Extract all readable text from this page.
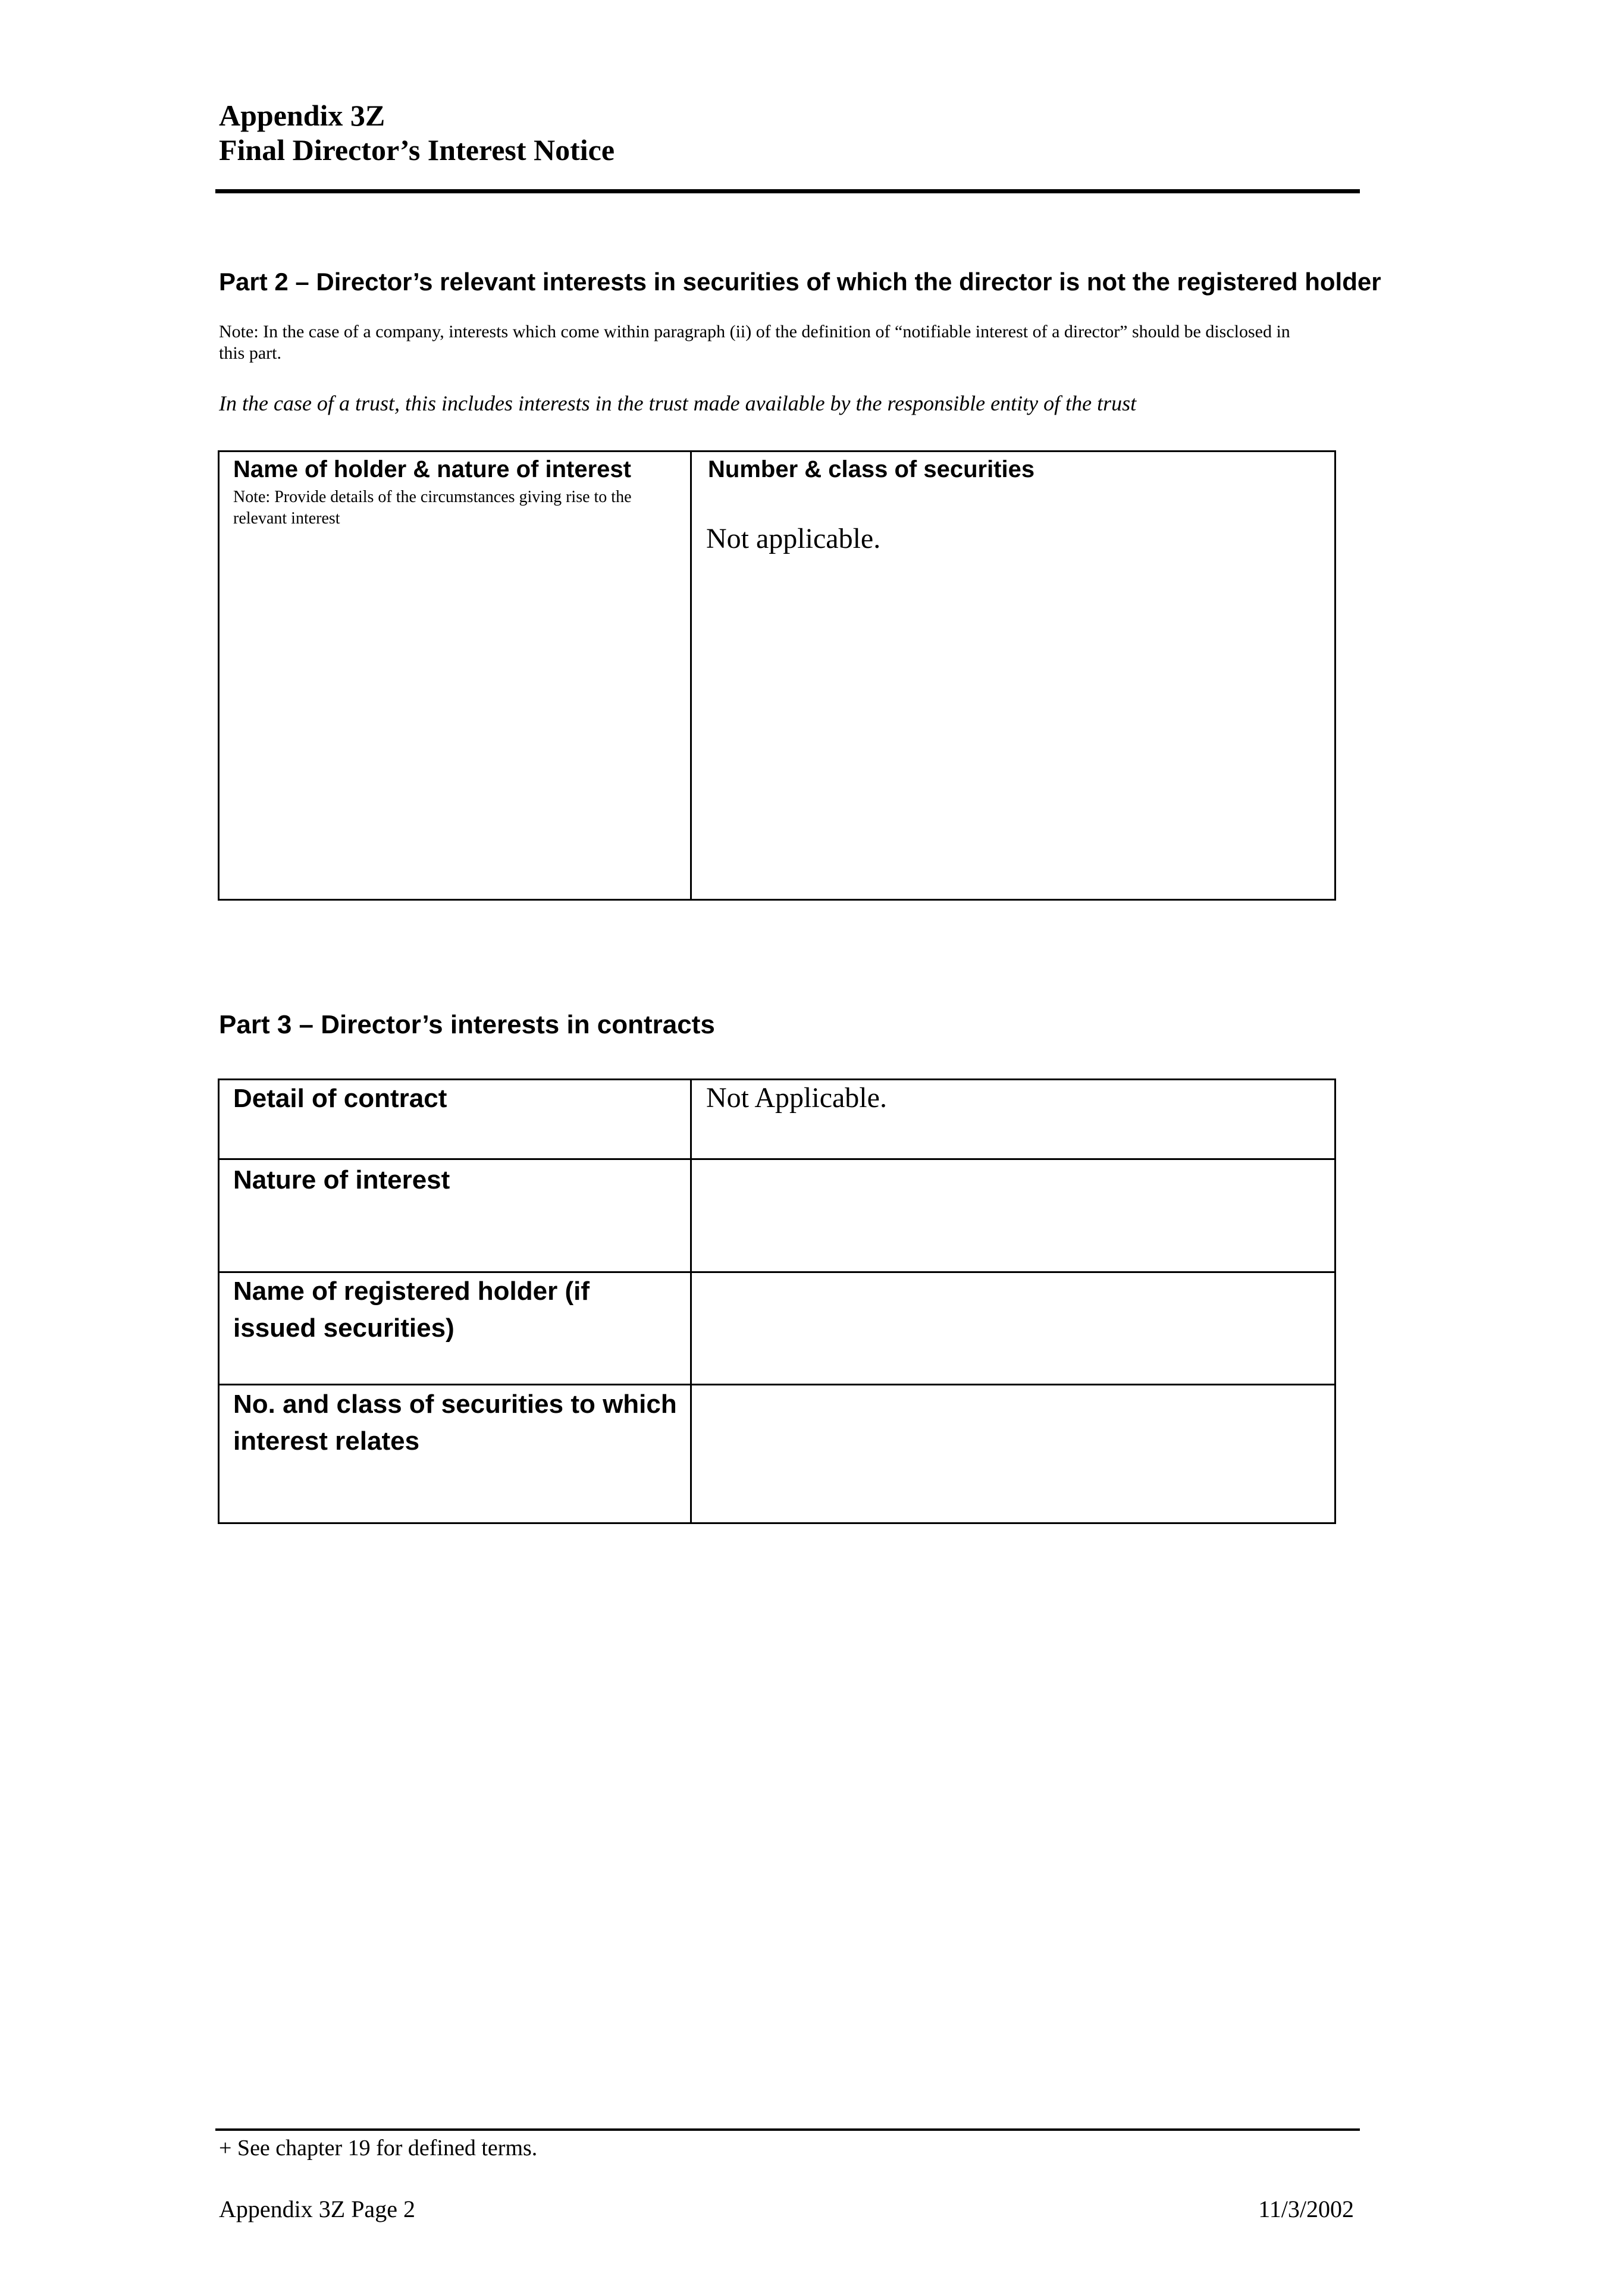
Appendix 3Z
Final Director’s Interest Notice
Part 2 – Director’s relevant interests in securities of which the director is not the registered holder
Note: In the case of a company, interests which come within paragraph (ii) of the definition of “notifiable interest of a director” should be disclosed in this part.
In the case of a trust, this includes interests in the trust made available by the responsible entity of the trust
Name of holder & nature of interest
Note: Provide details of the circumstances giving rise to the relevant interest
Number & class of securities
Not applicable.
Part 3 – Director’s interests in contracts
Detail of contract	Not Applicable.
Nature of interest
Name of registered holder (if issued securities)
No. and class of securities to which interest relates
+ See chapter 19 for defined terms.
Appendix 3Z Page 2	11/3/2002
